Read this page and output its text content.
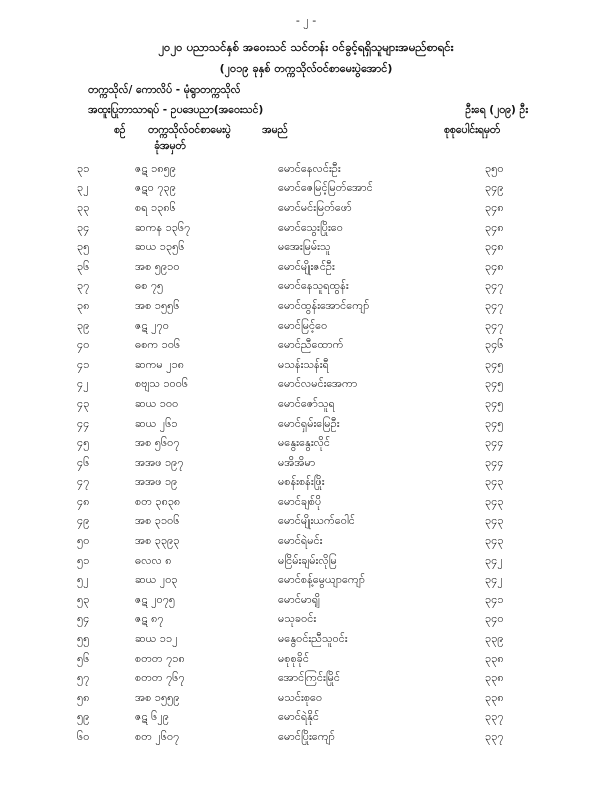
- ၂ -
၂၀၂၀ ပညာသင်နှစ် အဝေးသင် သင်တန်း ဝင်ခွင့်ရရှိသူများအမည်စာရင်း
(၂၀၁၉ ခုနှစ် တက္ကသိုလ်ဝင်စာမေးပွဲအောင်)
တက္ကသိုလ်/ ကောလိပ် - မုံရွာတက္ကသိုလ်
အထူးပြုဘာသာရပ် - ဥပဒေပညာ(အဝေးသင်)	ဦးရေ (၂၀၉) ဦး
စဉ် တက္ကသိုလ်ဝင်စာမေးပွဲ
ခုံအမှတ်
အမည်	စုစုပေါင်းရမှတ်
၃၁	ဇဋ ၁၈၅၉	မောင်နေလင်းဦး	၃၅၀
၃၂	ဇဋ၀ ၇၃၉	မောင်ဇေမြင့်မြတ်အောင်	၃၄၉
၃၃	စရ ၁၃၈၆	မောင်မင်းမြတ်ဖော်	၃၄၈
၃၄	ဆကန ၁၃၆၇	မောင်သွေးပြိုးဝေ	၃၄၈
၃၅	ဆယ ၁၃၅၆	မအေးမြမ်းသူ	၃၄၈
၃၆	အစ ၅၉၁၀	မောင်မျိုးဇင်ဦး	၃၄၈
၃၇	ဓစ ၇၅	မောင်နေသူရထွန်း	၃၄၇
၃၈	အစ ၁၅၅၆	မောင်ထွန်းအောင်ကျော်	၃၄၇
၃၉	ဇဋ ၂၇၀	မောင်မြင့်ဝေ	၃၄၇
၄၀	ဓစက ၁၀၆	မောင်ညီထောက်	၃၄၆
၄၁	ဆကမ ၂၁၈	မသန်းသန်းရီ	၃၄၅
၄၂	စဗျသ ၁၀၀၆	မောင်လမင်းအေကာ	၃၄၅
၄၃	ဆယ ၁၀၀	မောင်ဇော်သူရ	၃၄၅
၄၄	ဆယ ၂၆၁	မောင်ရှမ်းမြေဦး	၃၄၅
၄၅	အစ ၅၆၀၇	မနွေးနွေးလိုင်	၃၄၄
၄၆	အအဖ ၁၉၇	မအိအိမာ	၃၄၄
၄၇	အအဖ ၁၉	မစန်းစန်းဖြိုး	၃၄၃
၄၈	စတ ၃၈၃၈	မောင်ချစ်ပို	၃၄၃
၄၉	အစ ၃၁၀၆	မောင်မျိုးယက်ဝေါင်	၃၄၃
၅၀	အစ ၃၃၉၃	မောင်ရဲမင်း	၃၄၃
၅၁	ဓလလ ၈	မငြိမ်းချမ်းလိုမြ	၃၄၂
၅၂	ဆယ ၂၀၃	မောင်စန့်မွေယျာကျော်	၃၄၂
၅၃	ဇဋ ၂၀၇၅	မောင်မာရျိ	၃၄၁
၅၄	ဇဋ ၈၇	မသုခဝင်း	၃၄၀
၅၅	ဆယ ၁၁၂	မနွေဝင်းညီသူဝင်း	၃၃၉
၅၆	စတတ ၇၁၈	မစုစုခိုင်	၃၃၈
၅၇	စတတ ၇၆၇	အောင်ကြင်းမြိုင်	၃၃၈
၅၈	အစ ၁၅၅၉	မသင်းစုဝေ	၃၃၈
၅၉	ဇဋ ၆၂၉	မောင်ရဲနိုင်	၃၃၇
၆၀	စတ ၂၆၀၇	မောင်ပြိုးကျော်	၃၃၇
